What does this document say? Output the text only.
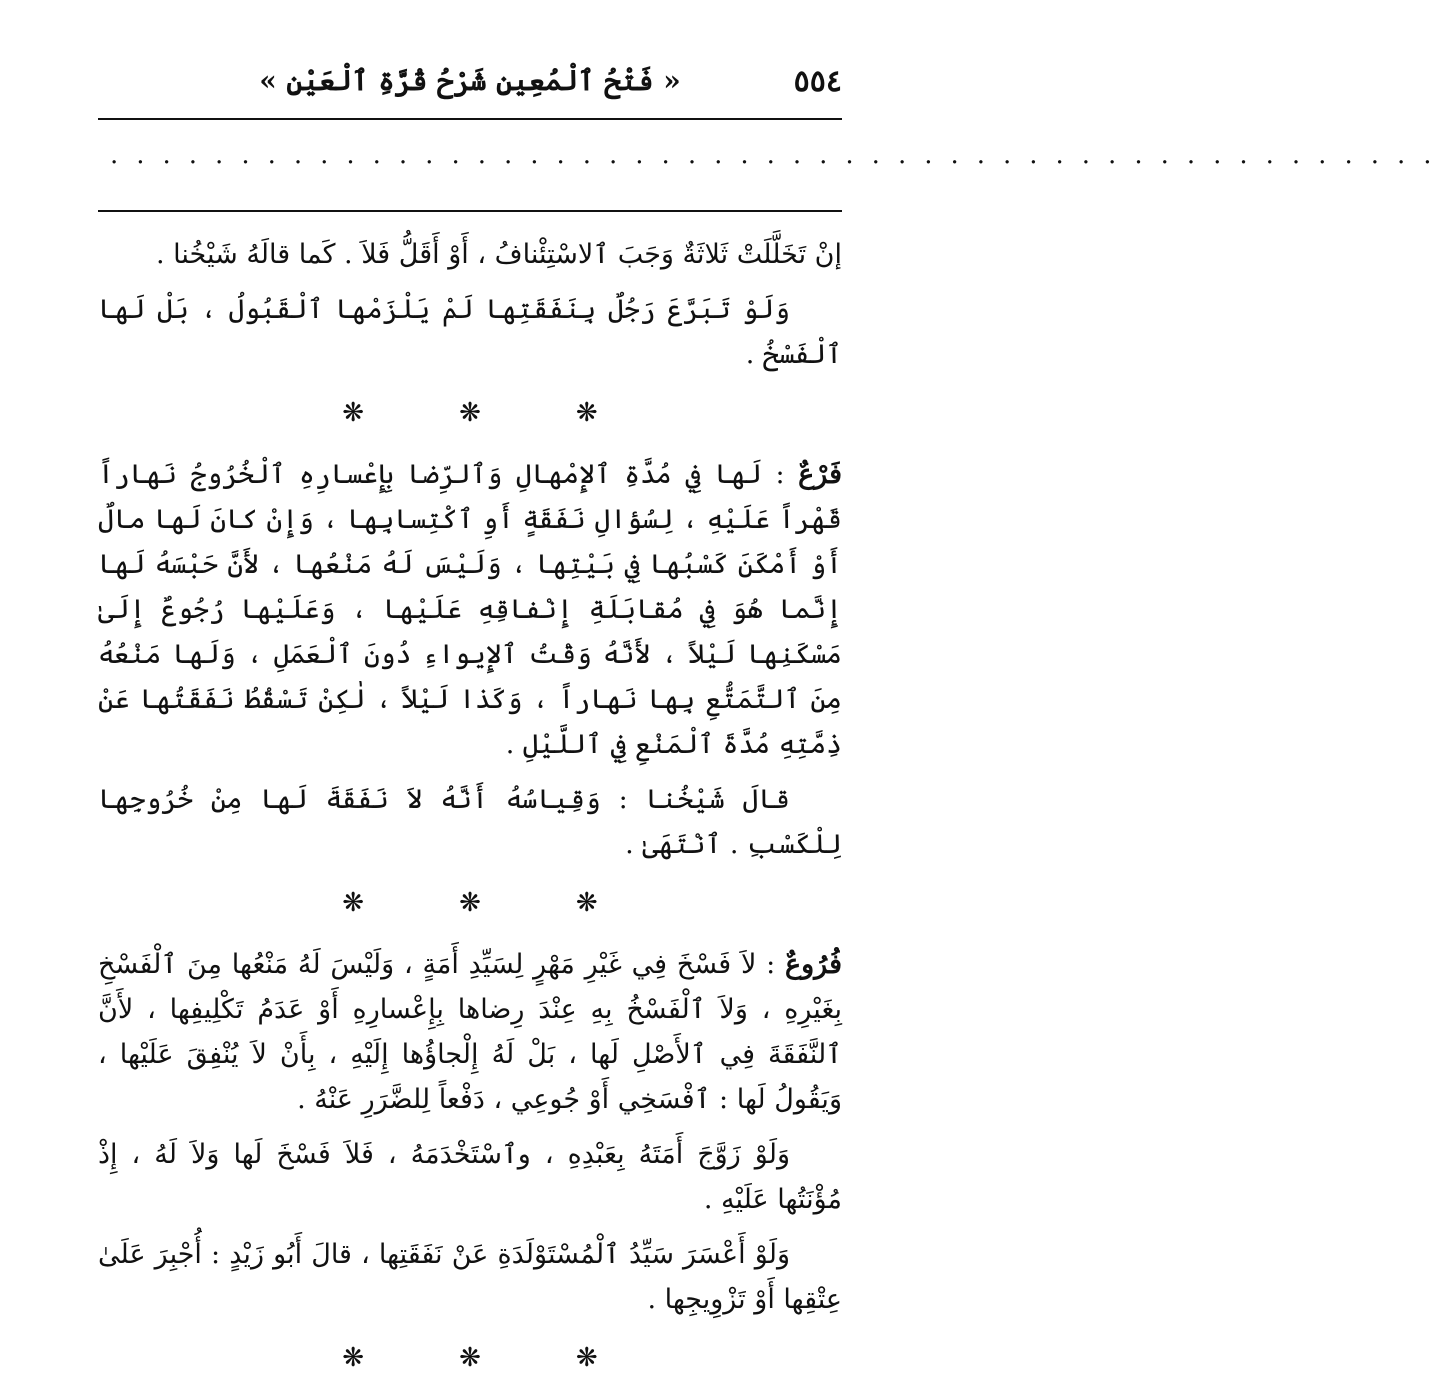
٥٥٤
« فَتْحُ ٱلْمُعِينِ شَرْحُ قُرَّةِ ٱلْعَيْنِ »
...................................................

إنْ تَخَلَّلَتْ ثَلاثَةٌ وَجَبَ ٱلاسْتِئْنافُ ، أَوْ أَقَلُّ فَلاَ . كَما قالَهُ شَيْخُنا .

وَلَوْ تَبَرَّعَ رَجُلٌ بِنَفَقَتِها لَمْ يَلْزَمْها ٱلْقَبُولُ ، بَلْ لَها ٱلْفَسْخُ .

❋	❋	❋

فَرْعٌ : لَها فِي مُدَّةِ ٱلإِمْهالِ وَٱلرِّضا بِإِعْسارِهِ ٱلْخُرُوجُ نَهاراً قَهْراً عَلَيْهِ ، لِسُؤالِ نَفَقَةٍ أَوِ ٱكْتِسابِها ، وَإِنْ كانَ لَها مالٌ أَوْ أَمْكَنَ كَسْبُها فِي بَيْتِها ، وَلَيْسَ لَهُ مَنْعُها ، لأَنَّ حَبْسَهُ لَها إِنَّما هُوَ فِي مُقابَلَةِ إِنْفاقِهِ عَلَيْها ، وَعَلَيْها رُجُوعٌ إِلَىٰ مَسْكَنِها لَيْلاً ، لأَنَّهُ وَقْتُ ٱلإِيواءِ دُونَ ٱلْعَمَلِ ، وَلَها مَنْعُهُ مِنَ ٱلتَّمَتُّعِ بِها نَهاراً ، وَكَذا لَيْلاً ، لٰكِنْ تَسْقُطُ نَفَقَتُها عَنْ ذِمَّتِهِ مُدَّةَ ٱلْمَنْعِ فِي ٱللَّيْلِ .

قالَ شَيْخُنا : وَقِياسُهُ أَنَّهُ لاَ نَفَقَةَ لَها مِنْ خُرُوجِها لِلْكَسْبِ . ٱنْتَهَىٰ .

❋	❋	❋

فُرُوعٌ : لاَ فَسْخَ فِي غَيْرِ مَهْرٍ لِسَيِّدِ أَمَةٍ ، وَلَيْسَ لَهُ مَنْعُها مِنَ ٱلْفَسْخِ بِغَيْرِهِ ، وَلاَ ٱلْفَسْخُ بِهِ عِنْدَ رِضاها بِإِعْسارِهِ أَوْ عَدَمُ تَكْلِيفِها ، لأَنَّ ٱلنَّفَقَةَ فِي ٱلأَصْلِ لَها ، بَلْ لَهُ إِلْجاؤُها إِلَيْهِ ، بِأَنْ لاَ يُنْفِقَ عَلَيْها ، وَيَقُولُ لَها : ٱفْسَخِي أَوْ جُوعِي ، دَفْعاً لِلضَّرَرِ عَنْهُ .

وَلَوْ زَوَّجَ أَمَتَهُ بِعَبْدِهِ ، وٱسْتَخْدَمَهُ ، فَلاَ فَسْخَ لَها وَلاَ لَهُ ، إِذْ مُؤْنَتُها عَلَيْهِ .

وَلَوْ أَعْسَرَ سَيِّدُ ٱلْمُسْتَوْلَدَةِ عَنْ نَفَقَتِها ، قالَ أَبُو زَيْدٍ : أُجْبِرَ عَلَىٰ عِتْقِها أَوْ تَزْوِيجِها .

❋	❋	❋
